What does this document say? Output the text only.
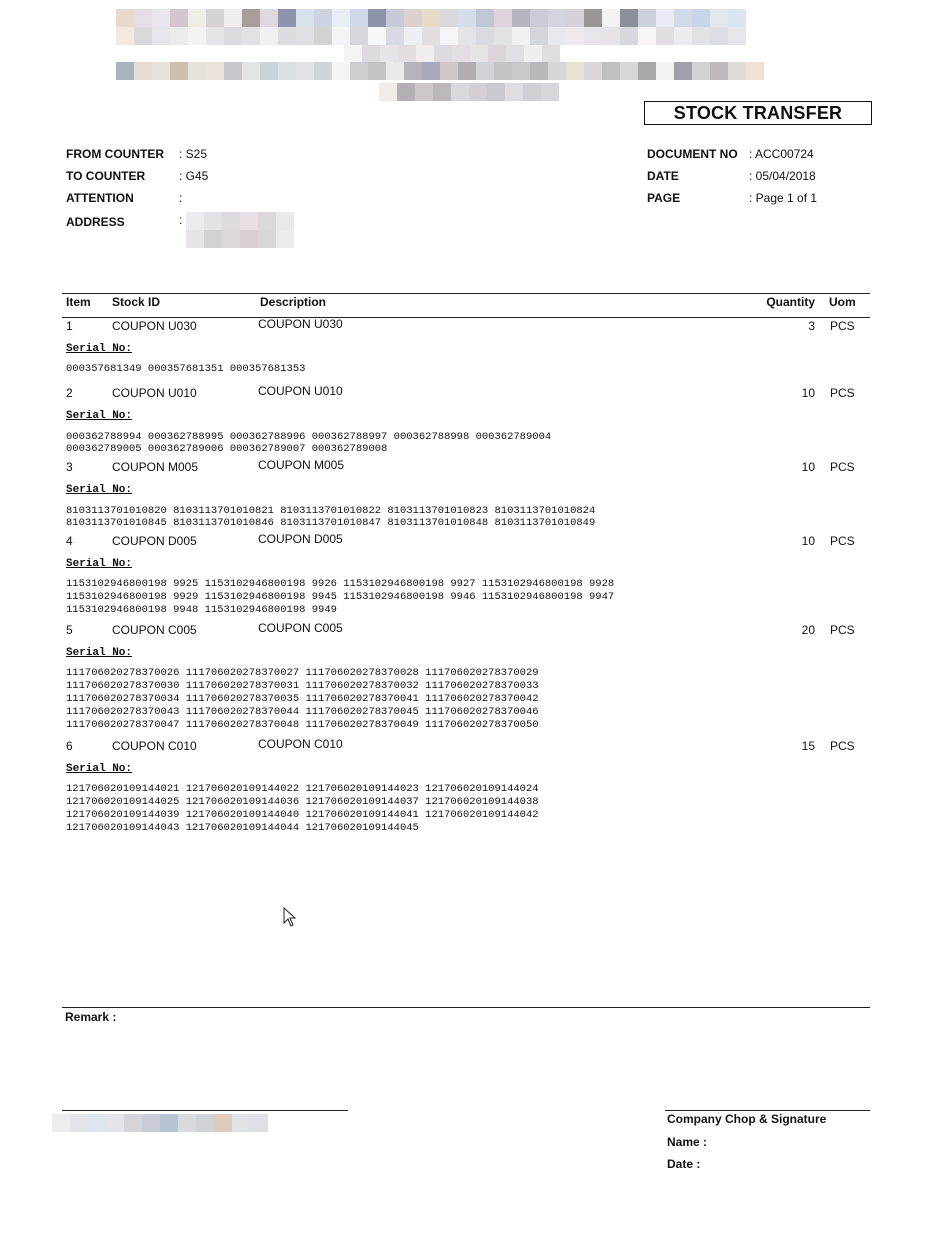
STOCK TRANSFER
FROM COUNTER : S25
TO COUNTER	: G45
ATTENTION	:
ADDRESS	:
DOCUMENT NO : ACC00724
DATE	: 05/04/2018
PAGE	: Page 1 of 1
Item Stock ID	Description	Quantity Uom
1	COUPON U030	COUPON U030	3 PCS
Serial No:
000357681349 000357681351 000357681353
2	COUPON U010	COUPON U010	10 PCS
Serial No:
000362788994 000362788995 000362788996 000362788997 000362788998 000362789004
000362789005 000362789006 000362789007 000362789008
3	COUPON M005	COUPON M005	10 PCS
Serial No:
8103113701010820 8103113701010821 8103113701010822 8103113701010823 8103113701010824
8103113701010845 8103113701010846 8103113701010847 8103113701010848 8103113701010849
4	COUPON D005	COUPON D005	10 PCS
Serial No:
1153102946800198 9925 1153102946800198 9926 1153102946800198 9927 1153102946800198 9928
1153102946800198 9929 1153102946800198 9945 1153102946800198 9946 1153102946800198 9947
1153102946800198 9948 1153102946800198 9949
5	COUPON C005	COUPON C005	20 PCS
Serial No:
111706020278370026 111706020278370027 111706020278370028 111706020278370029
111706020278370030 111706020278370031 111706020278370032 111706020278370033
111706020278370034 111706020278370035 111706020278370041 111706020278370042
111706020278370043 111706020278370044 111706020278370045 111706020278370046
111706020278370047 111706020278370048 111706020278370049 111706020278370050
6	COUPON C010	COUPON C010	15 PCS
Serial No:
121706020109144021 121706020109144022 121706020109144023 121706020109144024
121706020109144025 121706020109144036 121706020109144037 121706020109144038
121706020109144039 121706020109144040 121706020109144041 121706020109144042
121706020109144043 121706020109144044 121706020109144045
Remark :
Company Chop & Signature
Name :
Date :
